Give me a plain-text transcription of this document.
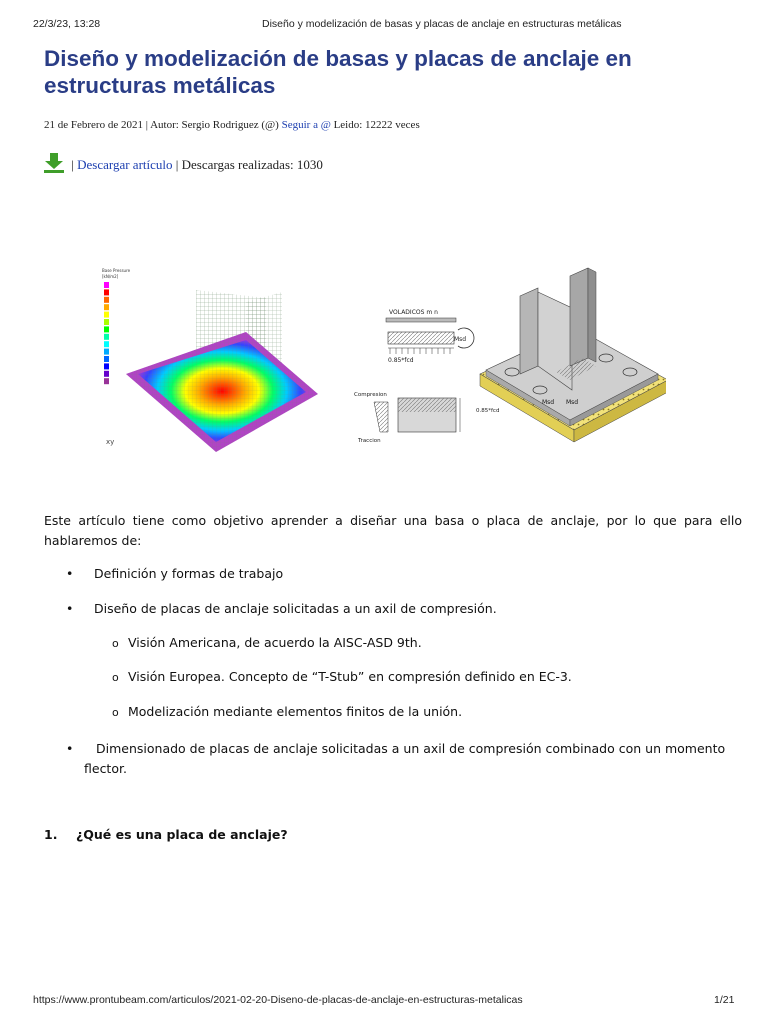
22/3/23, 13:28	Diseño y modelización de basas y placas de anclaje en estructuras metálicas
Diseño y modelización de basas y placas de anclaje en estructuras metálicas
21 de Febrero de 2021 | Autor: Sergio Rodriguez (@) Seguir a @ Leido: 12222 veces
| Descargar artículo | Descargas realizadas: 1030
Base Pressure
[kN/m2]
xy
VOLADICOS m n
Msd
0.85*fcd
Compresion
Traccion
Msd Msd
0.85*fcd
Este artículo tiene como objetivo aprender a diseñar una basa o placa de anclaje, por lo que para ello hablaremos de:
• Definición y formas de trabajo
• Diseño de placas de anclaje solicitadas a un axil de compresión.
o Visión Americana, de acuerdo la AISC-ASD 9th.
o Visión Europea. Concepto de “T-Stub” en compresión definido en EC-3.
o Modelización mediante elementos finitos de la unión.
•	Dimensionado de placas de anclaje solicitadas a un axil de compresión combinado con un momento flector.
1. ¿Qué es una placa de anclaje?
https://www.prontubeam.com/articulos/2021-02-20-Diseno-de-placas-de-anclaje-en-estructuras-metalicas	1/21
